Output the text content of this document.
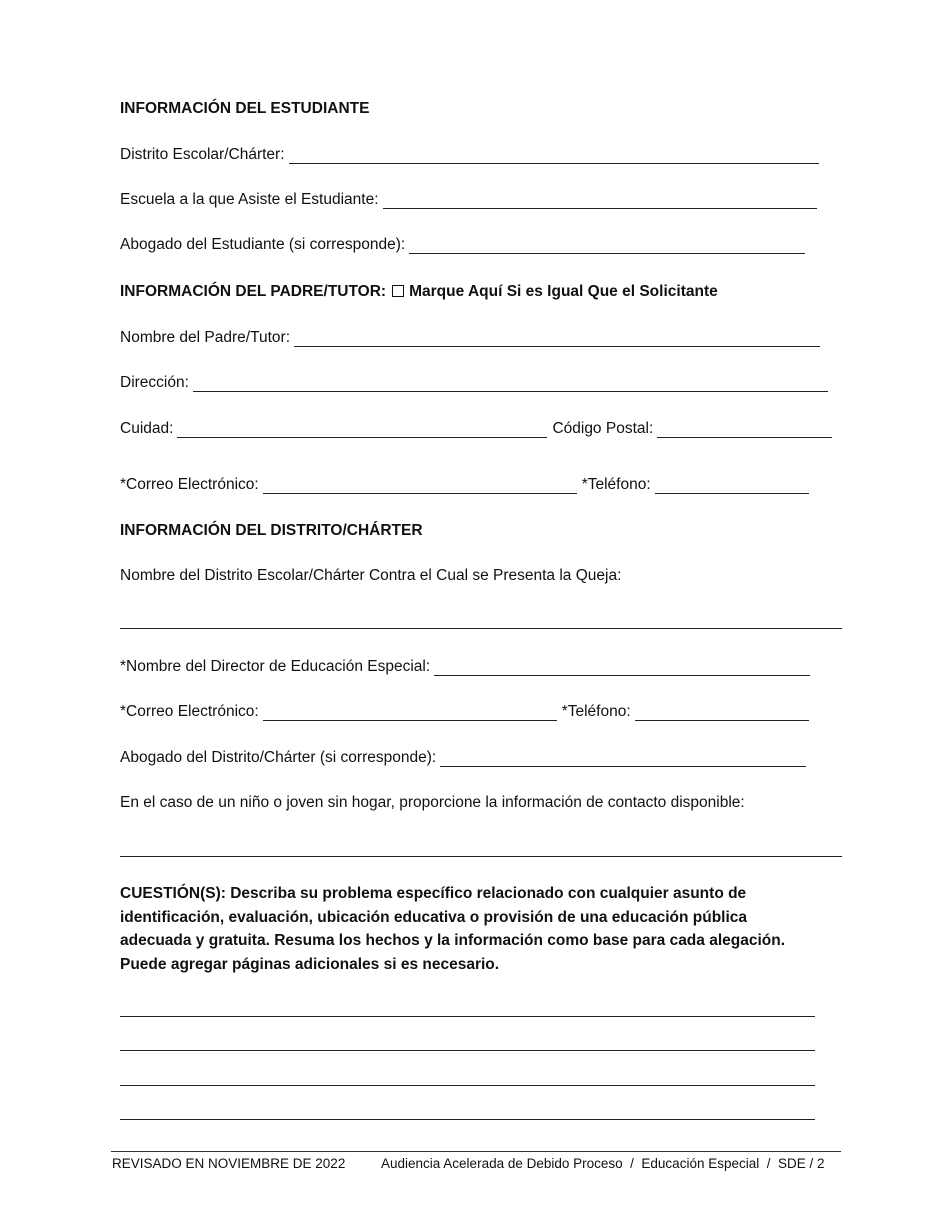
INFORMACIÓN DEL ESTUDIANTE
Distrito Escolar/Chárter:
Escuela a la que Asiste el Estudiante:
Abogado del Estudiante (si corresponde):
INFORMACIÓN DEL PADRE/TUTOR: Marque Aquí Si es Igual Que el Solicitante
Nombre del Padre/Tutor:
Dirección:
Cuidad:	Código Postal:
*Correo Electrónico:	*Teléfono:
INFORMACIÓN DEL DISTRITO/CHÁRTER
Nombre del Distrito Escolar/Chárter Contra el Cual se Presenta la Queja:
*Nombre del Director de Educación Especial:
*Correo Electrónico:	*Teléfono:
Abogado del Distrito/Chárter (si corresponde):
En el caso de un niño o joven sin hogar, proporcione la información de contacto disponible:
CUESTIÓN(S): Describa su problema específico relacionado con cualquier asunto de identificación, evaluación, ubicación educativa o provisión de una educación pública adecuada y gratuita. Resuma los hechos y la información como base para cada alegación. Puede agregar páginas adicionales si es necesario.
REVISADO EN NOVIEMBRE DE 2022	Audiencia Acelerada de Debido Proceso  /  Educación Especial  /  SDE / 2
